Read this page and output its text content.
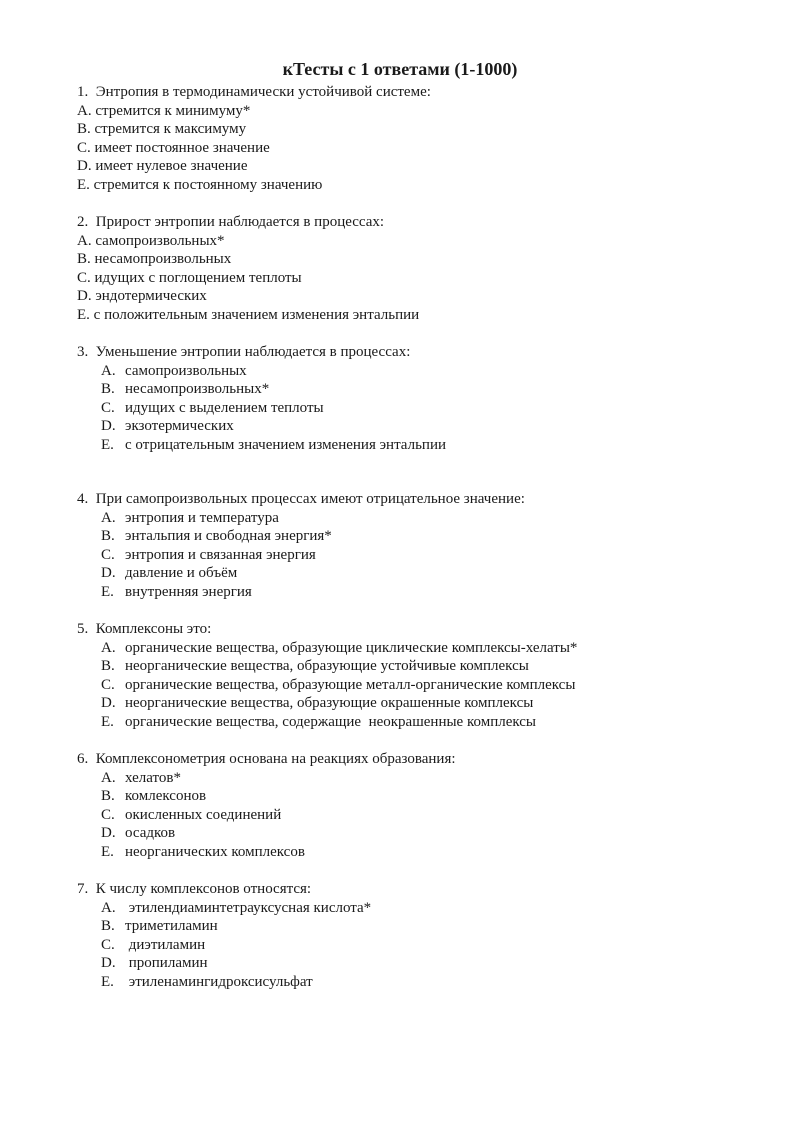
кТесты с 1 ответами (1-1000)
1.  Энтропия в термодинамически устойчивой системе:
A. стремится к минимуму*
B. стремится к максимуму
C. имеет постоянное значение
D. имеет нулевое значение
E. стремится к постоянному значению
2.  Прирост энтропии наблюдается в процессах:
A. самопроизвольных*
B. несамопроизвольных
C. идущих с поглощением теплоты
D. эндотермических
E. с положительным значением изменения энтальпии
3.  Уменьшение энтропии наблюдается в процессах:
A. самопроизвольных
B. несамопроизвольных*
C. идущих с выделением теплоты
D. экзотермических
E. с отрицательным значением изменения энтальпии
4.  При самопроизвольных процессах имеют отрицательное значение:
A. энтропия и температура
B. энтальпия и свободная энергия*
C. энтропия и связанная энергия
D. давление и объём
E. внутренняя энергия
5.  Комплексоны это:
A. органические вещества, образующие циклические комплексы-хелаты*
B. неорганические вещества, образующие устойчивые комплексы
C. органические вещества, образующие металл-органические комплексы
D. неорганические вещества, образующие окрашенные комплексы
E. органические вещества, содержащие  неокрашенные комплексы
6.  Комплексонометрия основана на реакциях образования:
A. хелатов*
B. комлексонов
C. окисленных соединений
D. осадков
E. неорганических комплексов
7.  К числу комплексонов относятся:
A. этилендиаминтетрауксусная кислота*
B. триметиламин
C. диэтиламин
D. пропиламин
E. этиленамингидроксисульфат
